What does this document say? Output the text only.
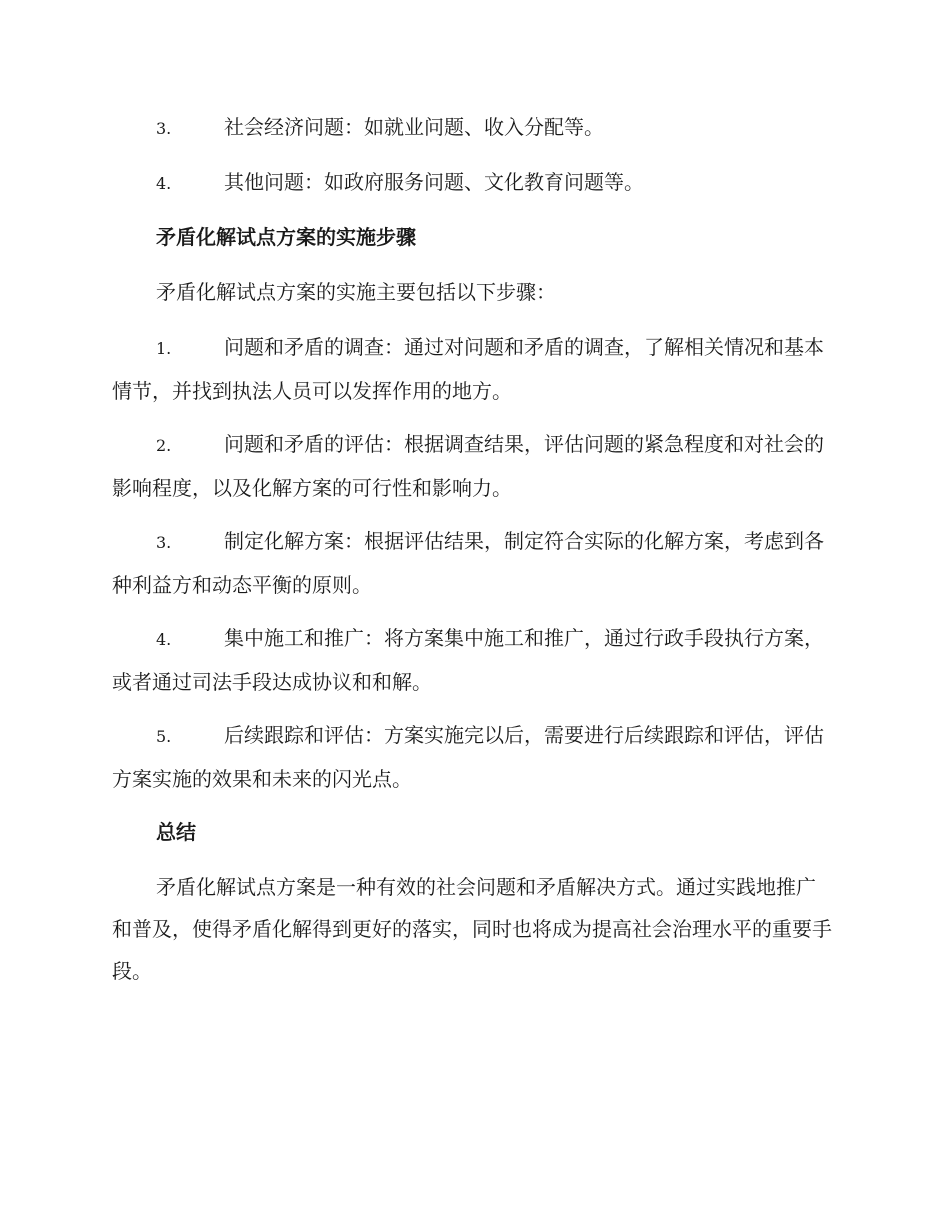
3.	社会经济问题：如就业问题、收入分配等。
4.	其他问题：如政府服务问题、文化教育问题等。
矛盾化解试点方案的实施步骤
矛盾化解试点方案的实施主要包括以下步骤：
1.	问题和矛盾的调查：通过对问题和矛盾的调查，了解相关情况和基本情节，并找到执法人员可以发挥作用的地方。
2.	问题和矛盾的评估：根据调查结果，评估问题的紧急程度和对社会的影响程度，以及化解方案的可行性和影响力。
3.	制定化解方案：根据评估结果，制定符合实际的化解方案，考虑到各种利益方和动态平衡的原则。
4.	集中施工和推广：将方案集中施工和推广，通过行政手段执行方案，或者通过司法手段达成协议和和解。
5.	后续跟踪和评估：方案实施完以后，需要进行后续跟踪和评估，评估方案实施的效果和未来的闪光点。
总结
矛盾化解试点方案是一种有效的社会问题和矛盾解决方式。通过实践地推广和普及，使得矛盾化解得到更好的落实，同时也将成为提高社会治理水平的重要手段。
